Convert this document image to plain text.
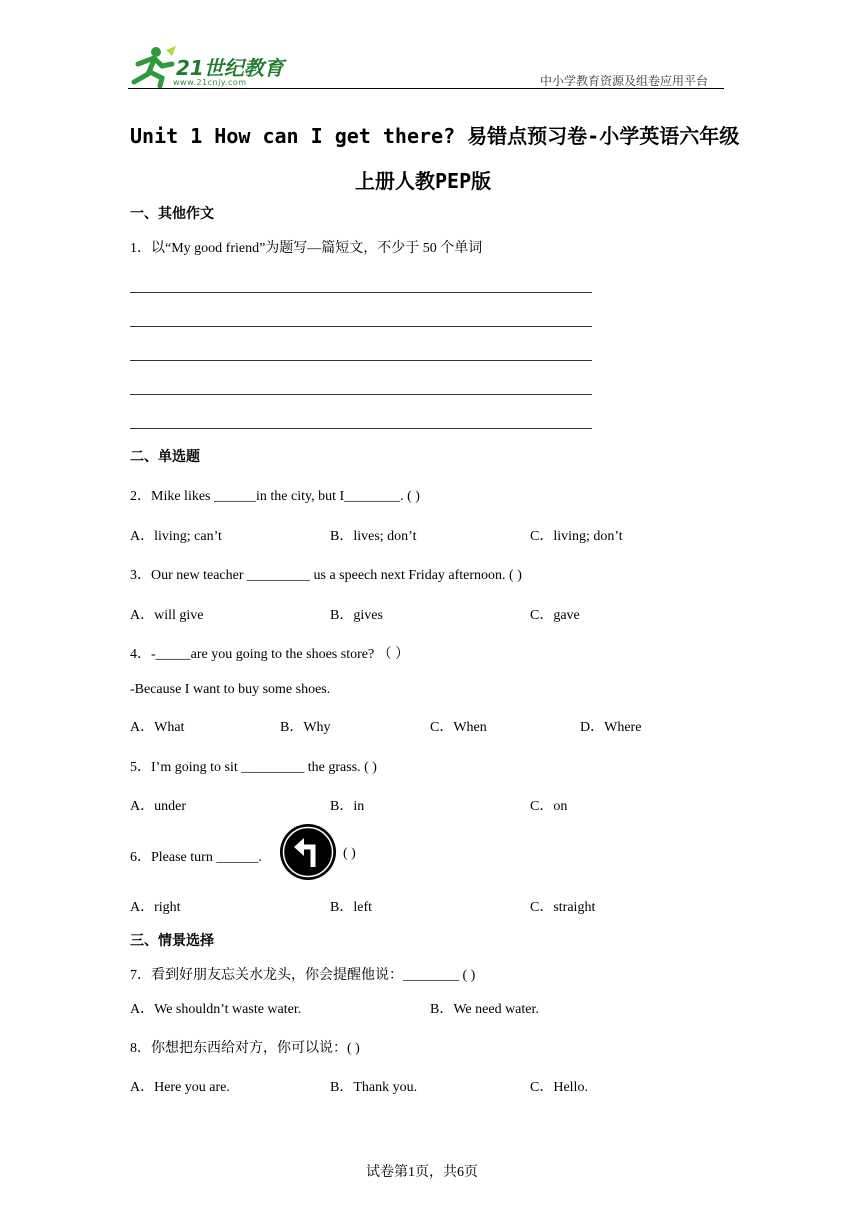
21世纪教育
www.21cnjy.com	中小学教育资源及组卷应用平台
Unit 1 How can I get there? 易错点预习卷-小学英语六年级
上册人教PEP版
一、其他作文
1．以“My good friend”为题写—篇短文，不少于 50 个单词
二、单选题
2．Mike likes ______in the city, but I________. ( )
A．living; can’t	B．lives; don’t	C．living; don’t
3．Our new teacher _________ us a speech next Friday afternoon. ( )
A．will give	B．gives	C．gave
4．-_____are you going to the shoes store? （ ）
-Because I want to buy some shoes.
A．What	B．Why	C．When	D．Where
5．I’m going to sit _________ the grass. ( )
A．under	B．in	C．on
6．Please turn ______.	( )
A．right	B．left	C．straight
三、情景选择
7．看到好朋友忘关水龙头，你会提醒他说：________ ( )
A．We shouldn’t waste water.	B．We need water.
8．你想把东西给对方，你可以说：( )
A．Here you are.	B．Thank you.	C．Hello.
试卷第1页，共6页
